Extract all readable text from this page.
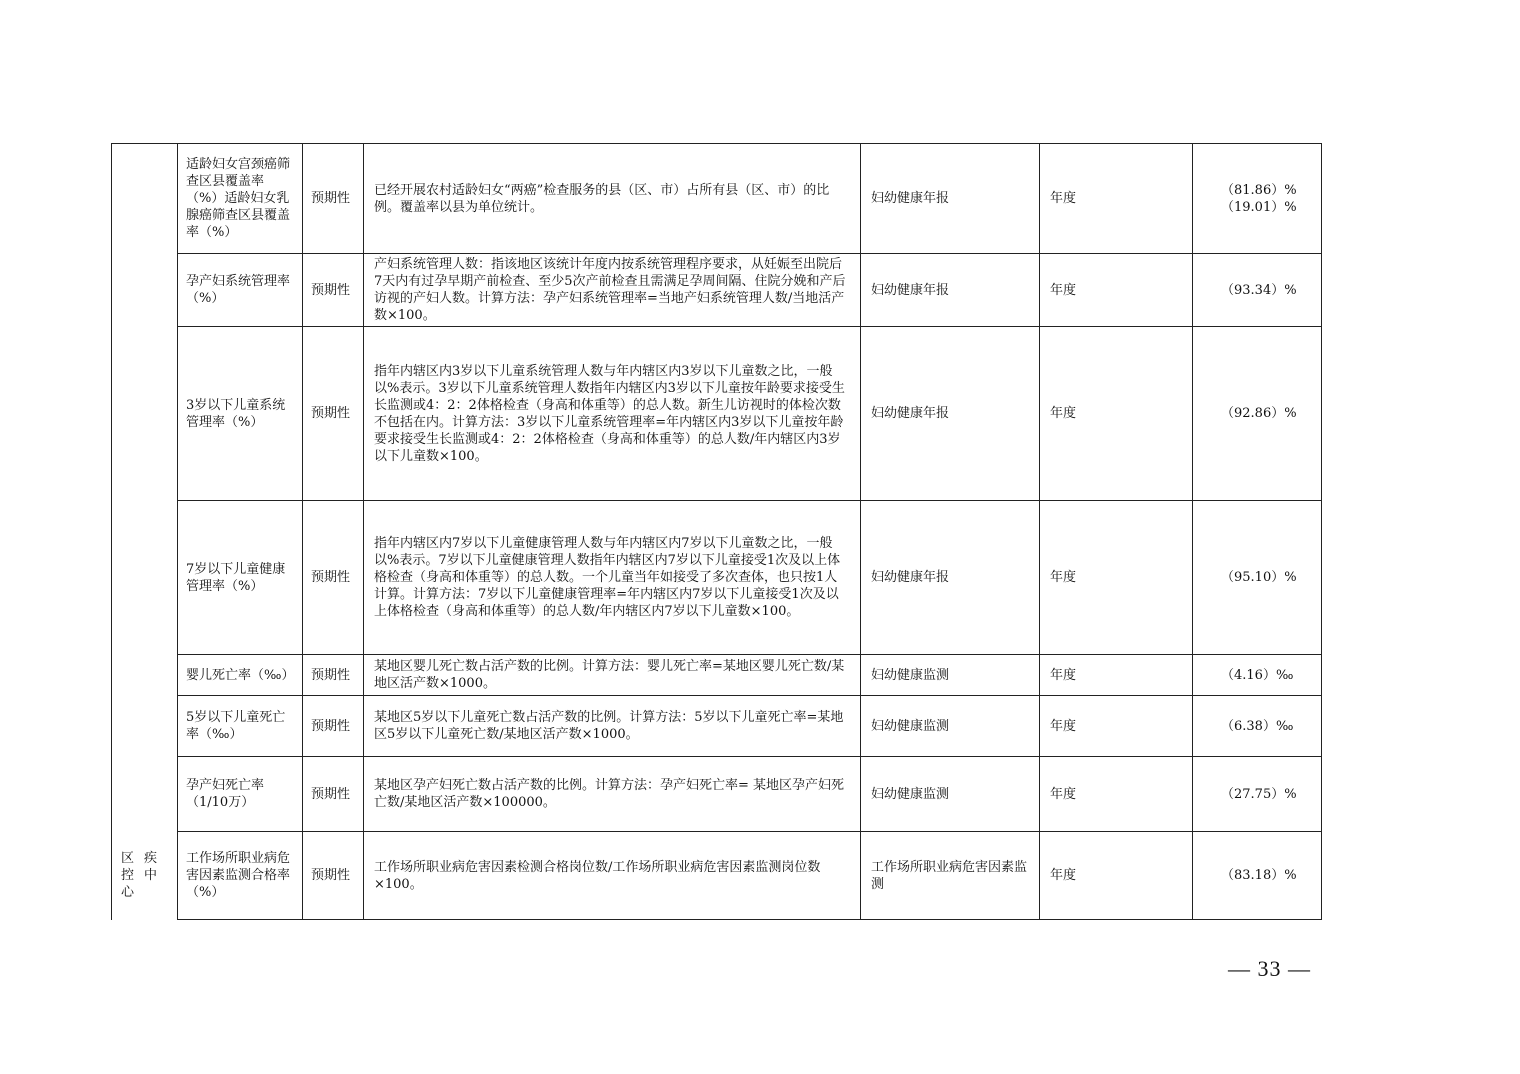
	适龄妇女宫颈癌筛查区县覆盖率（%）适龄妇女乳腺癌筛查区县覆盖率（%）	预期性	已经开展农村适龄妇女“两癌”检查服务的县（区、市）占所有县（区、市）的比例。覆盖率以县为单位统计。	妇幼健康年报	年度	（81.86）%
（19.01）%

	孕产妇系统管理率（%）	预期性	产妇系统管理人数：指该地区该统计年度内按系统管理程序要求，从妊娠至出院后7天内有过孕早期产前检查、至少5次产前检查且需满足孕周间隔、住院分娩和产后访视的产妇人数。计算方法：孕产妇系统管理率=当地产妇系统管理人数/当地活产数×100。	妇幼健康年报	年度	（93.34）%

	3岁以下儿童系统管理率（%）	预期性	指年内辖区内3岁以下儿童系统管理人数与年内辖区内3岁以下儿童数之比，一般以%表示。3岁以下儿童系统管理人数指年内辖区内3岁以下儿童按年龄要求接受生长监测或4：2：2体格检查（身高和体重等）的总人数。新生儿访视时的体检次数不包括在内。计算方法：3岁以下儿童系统管理率=年内辖区内3岁以下儿童按年龄要求接受生长监测或4：2：2体格检查（身高和体重等）的总人数/年内辖区内3岁以下儿童数×100。	妇幼健康年报	年度	（92.86）%

	7岁以下儿童健康管理率（%）	预期性	指年内辖区内7岁以下儿童健康管理人数与年内辖区内7岁以下儿童数之比，一般以%表示。7岁以下儿童健康管理人数指年内辖区内7岁以下儿童接受1次及以上体格检查（身高和体重等）的总人数。一个儿童当年如接受了多次查体，也只按1人计算。计算方法：7岁以下儿童健康管理率=年内辖区内7岁以下儿童接受1次及以上体格检查（身高和体重等）的总人数/年内辖区内7岁以下儿童数×100。	妇幼健康年报	年度	（95.10）%

	婴儿死亡率（‰）	预期性	某地区婴儿死亡数占活产数的比例。计算方法：婴儿死亡率=某地区婴儿死亡数/某地区活产数×1000。	妇幼健康监测	年度	（4.16）‰

	5岁以下儿童死亡率（‰）	预期性	某地区5岁以下儿童死亡数占活产数的比例。计算方法：5岁以下儿童死亡率=某地区5岁以下儿童死亡数/某地区活产数×1000。	妇幼健康监测	年度	（6.38）‰

	孕产妇死亡率（1/10万）	预期性	某地区孕产妇死亡数占活产数的比例。计算方法：孕产妇死亡率= 某地区孕产妇死亡数/某地区活产数×100000。	妇幼健康监测	年度	（27.75）%

区 疾
控 中
心	工作场所职业病危害因素监测合格率（%）	预期性	工作场所职业病危害因素检测合格岗位数/工作场所职业病危害因素监测岗位数×100。	工作场所职业病危害因素监测	年度	（83.18）%
— 33 —
